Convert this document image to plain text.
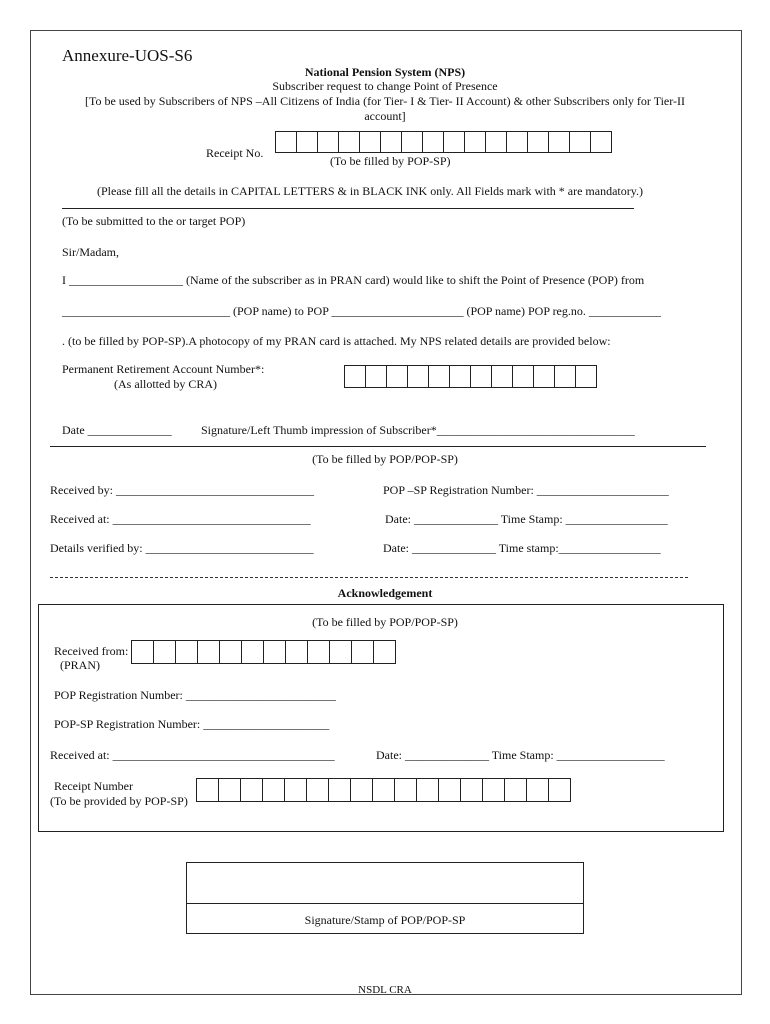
Annexure-UOS-S6
National Pension System (NPS)
Subscriber request to change Point of Presence
[To be used by Subscribers of NPS –All Citizens of India (for Tier- I & Tier- II Account) & other Subscribers only for Tier-II
account]
Receipt No.
(To be filled by POP-SP)
(Please fill all the details in CAPITAL LETTERS & in BLACK INK only. All Fields mark with * are mandatory.)
(To be submitted to the or target POP)
Sir/Madam,
I ___________________ (Name of the subscriber as in PRAN card) would like to shift the Point of Presence (POP) from
____________________________ (POP name) to POP ______________________ (POP name) POP reg.no. ____________
. (to be filled by POP-SP).A photocopy of my PRAN card is attached. My NPS related details are provided below:
Permanent Retirement Account Number*:
(As allotted by CRA)
Date ______________ Signature/Left Thumb impression of Subscriber*_________________________________
(To be filled by POP/POP-SP)
Received by: _________________________________	POP –SP Registration Number: ______________________
Received at: _________________________________	Date: ______________ Time Stamp: _________________
Details verified by: ____________________________	Date: ______________ Time stamp:_________________
Acknowledgement
(To be filled by POP/POP-SP)
Received from:
(PRAN)
POP Registration Number: _________________________
POP-SP Registration Number: _____________________
Received at: _____________________________________	Date: ______________ Time Stamp: __________________
Receipt Number
(To be provided by POP-SP)
Signature/Stamp of POP/POP-SP
NSDL CRA
